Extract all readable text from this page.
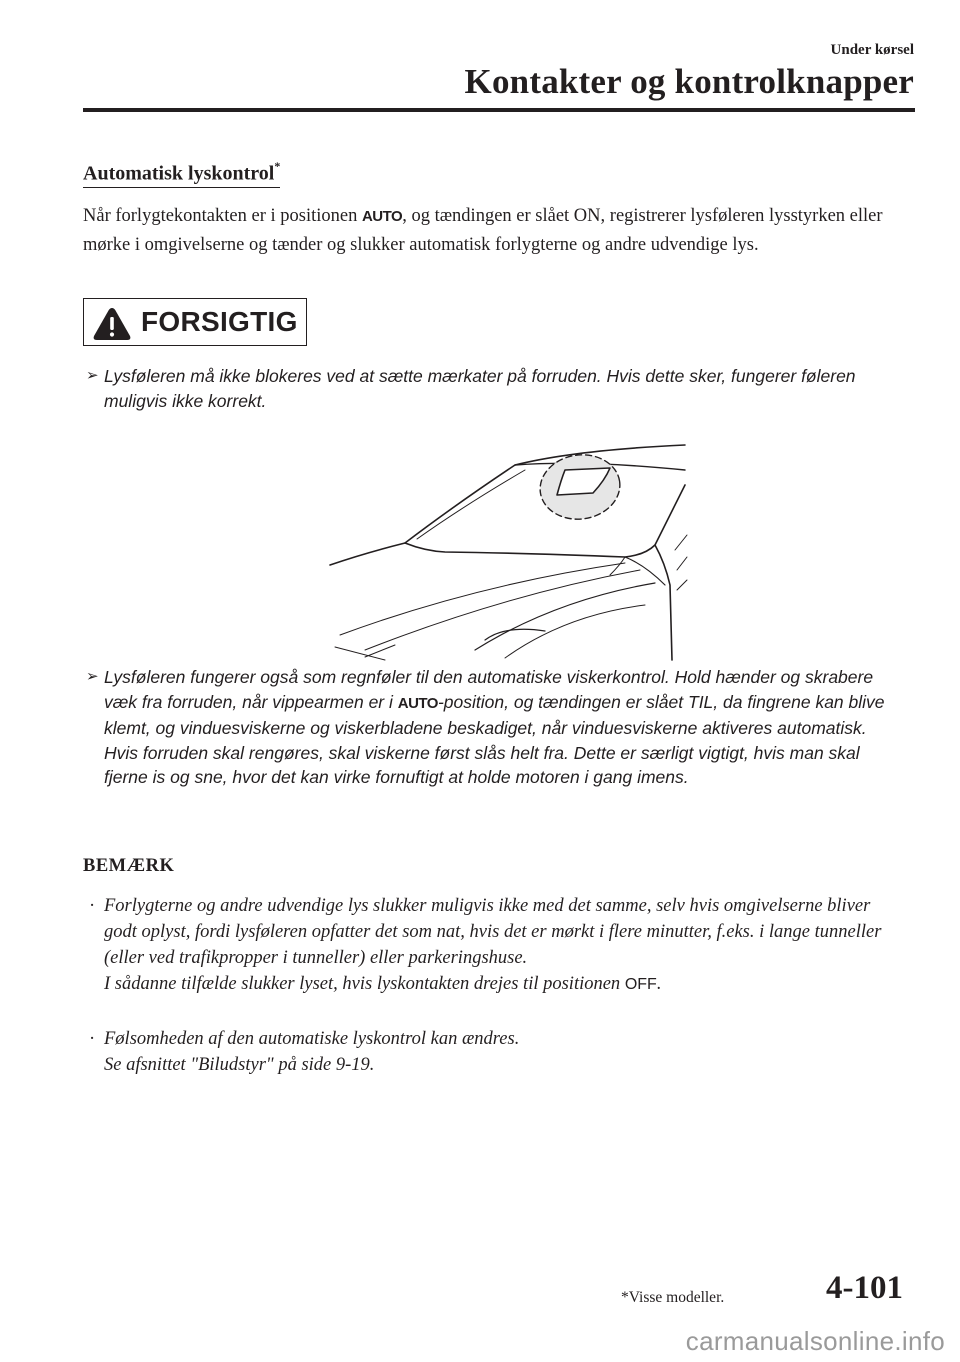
Under kørsel
Kontakter og kontrolknapper
Automatisk lyskontrol*
Når forlygtekontakten er i positionen AUTO, og tændingen er slået ON, registrerer lysføleren lysstyrken eller mørke i omgivelserne og tænder og slukker automatisk forlygterne og andre udvendige lys.
FORSIGTIG
➢ Lysføleren må ikke blokeres ved at sætte mærkater på forruden. Hvis dette sker, fungerer føleren muligvis ikke korrekt.
➢ Lysføleren fungerer også som regnføler til den automatiske viskerkontrol. Hold hænder og skrabere væk fra forruden, når vippearmen er i AUTO-position, og tændingen er slået TIL, da fingrene kan blive klemt, og vinduesviskerne og viskerbladene beskadiget, når vinduesviskerne aktiveres automatisk. Hvis forruden skal rengøres, skal viskerne først slås helt fra. Dette er særligt vigtigt, hvis man skal fjerne is og sne, hvor det kan virke fornuftigt at holde motoren i gang imens.
BEMÆRK
· Forlygterne og andre udvendige lys slukker muligvis ikke med det samme, selv hvis omgivelserne bliver godt oplyst, fordi lysføleren opfatter det som nat, hvis det er mørkt i flere minutter, f.eks. i lange tunneller (eller ved trafikpropper i tunneller) eller parkeringshuse.
I sådanne tilfælde slukker lyset, hvis lyskontakten drejes til positionen OFF.
· Følsomheden af den automatiske lyskontrol kan ændres.
Se afsnittet "Biludstyr" på side 9-19.
*Visse modeller.	4-101
carmanualsonline.info
